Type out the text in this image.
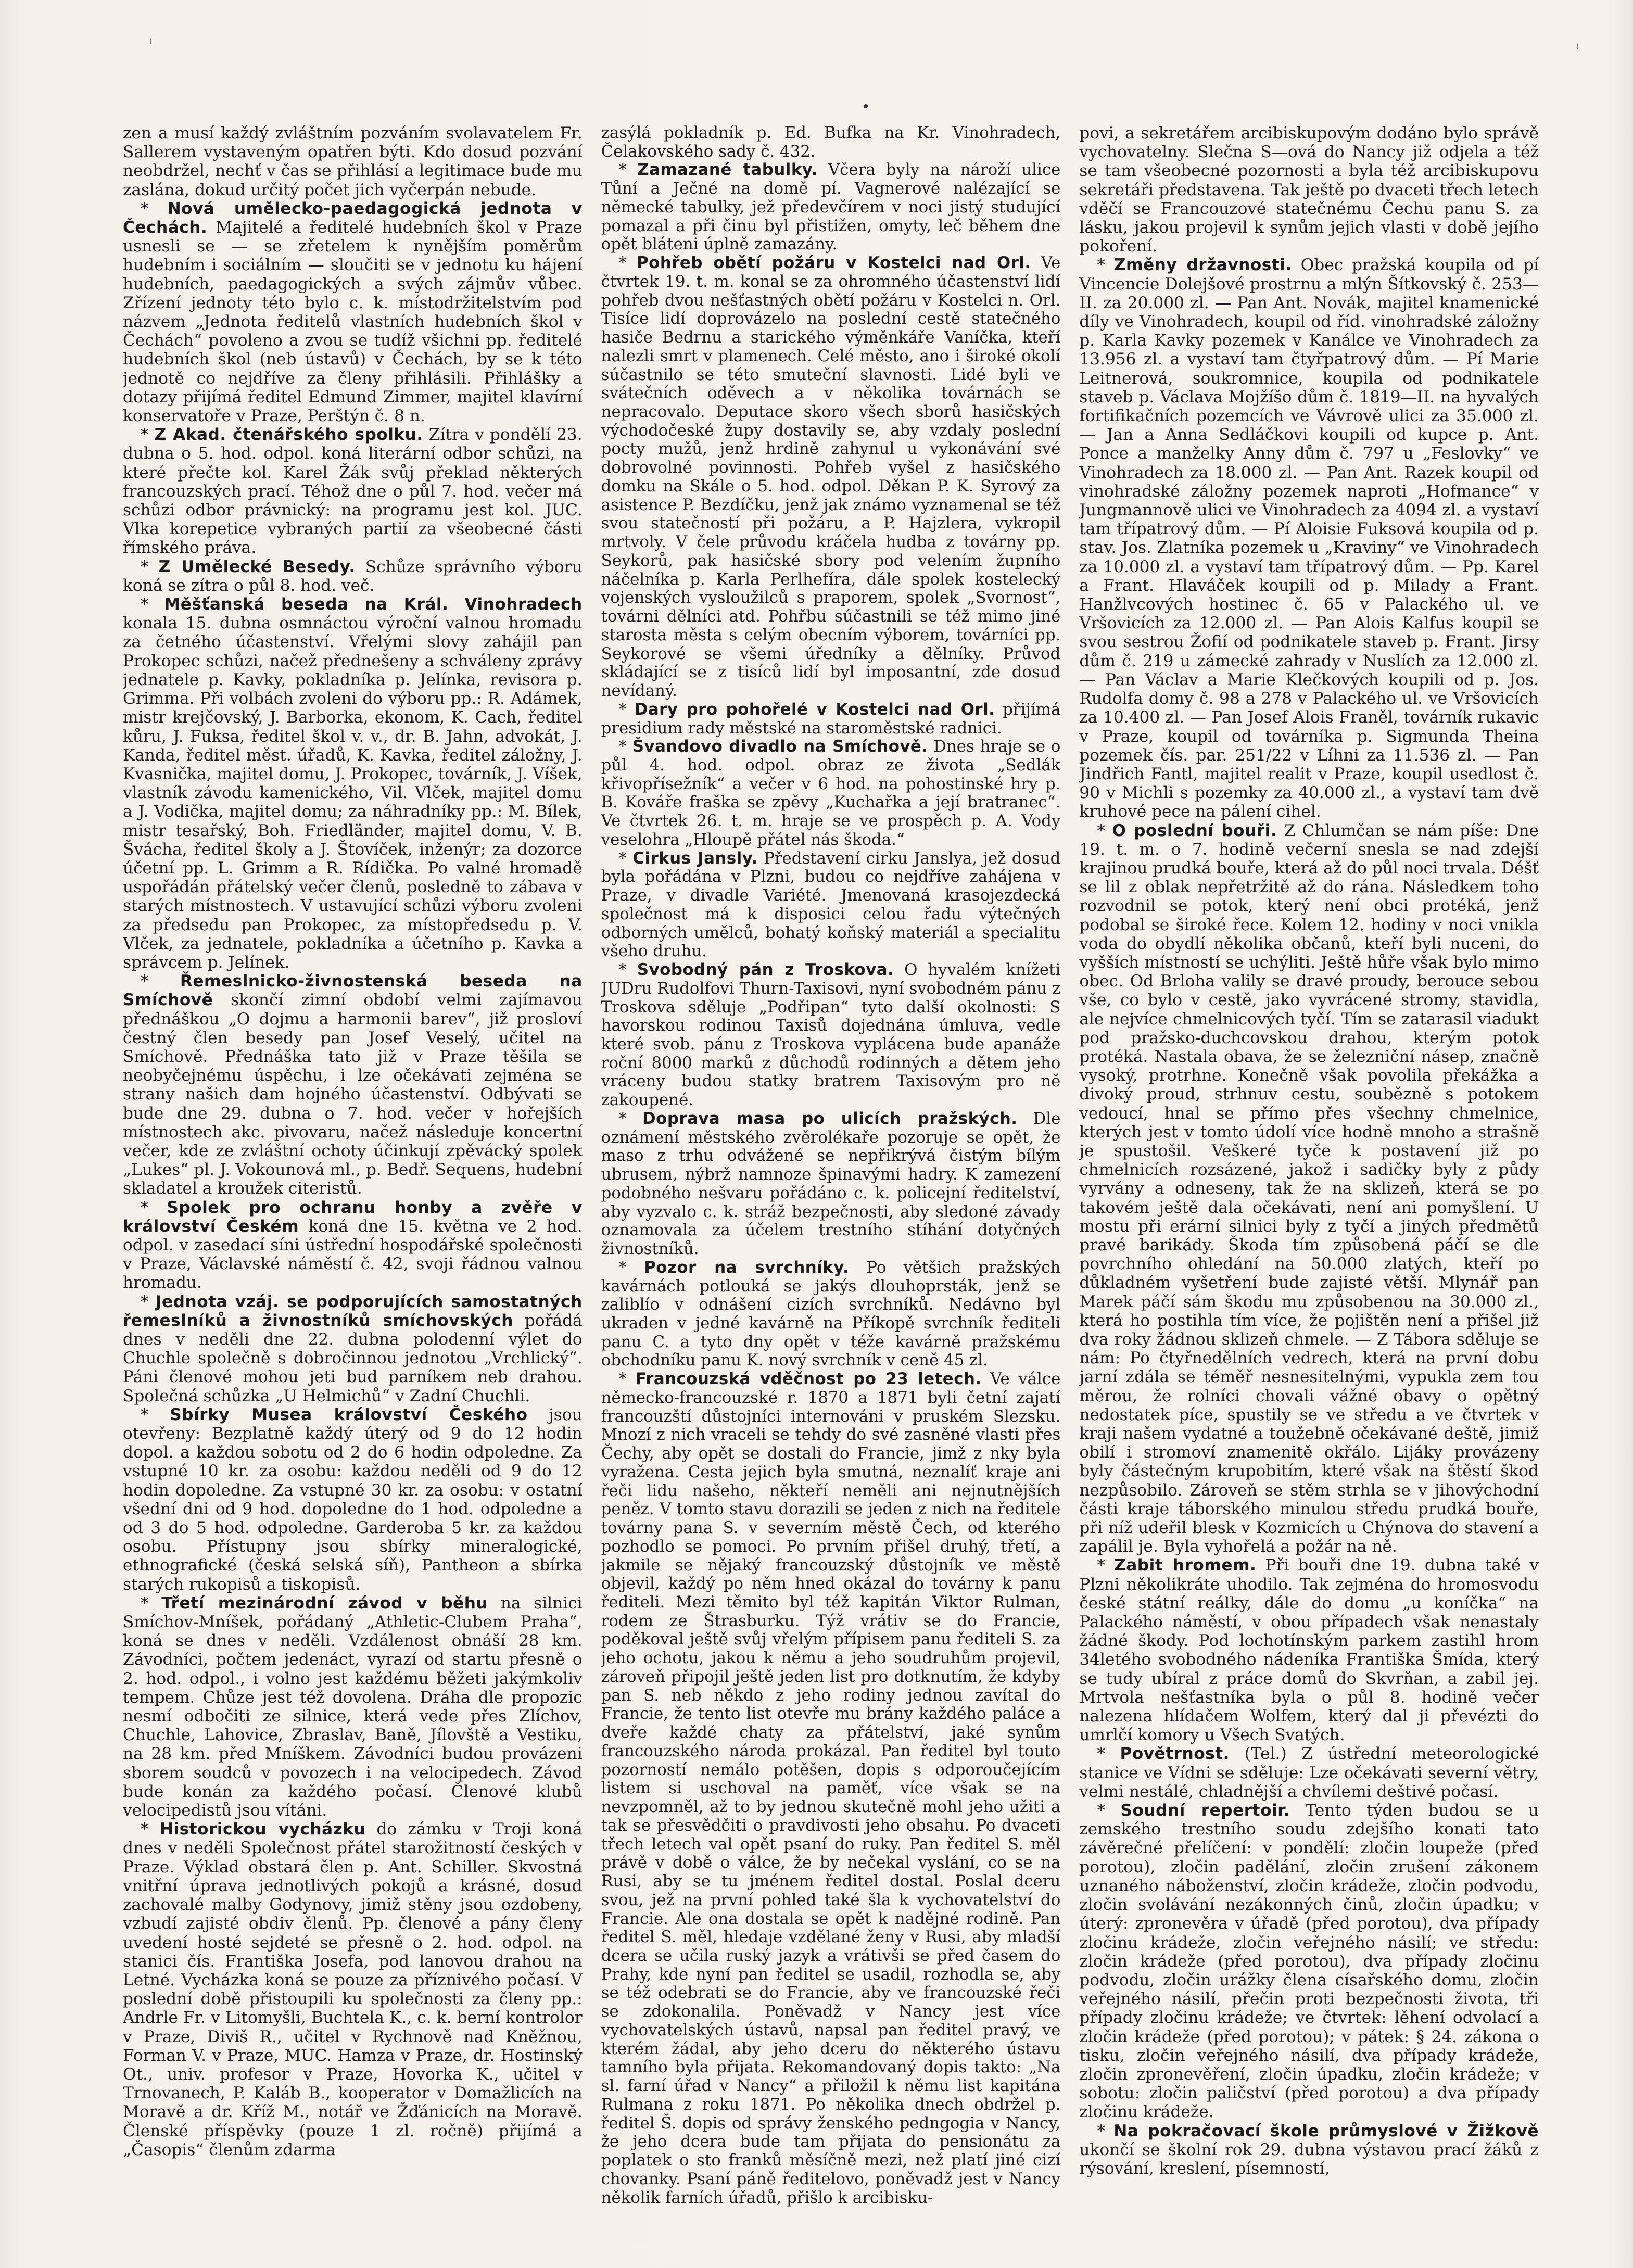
'	'

zen a musí každý zvláštním pozváním svolavatelem Fr. Sallerem vystaveným opatřen býti. Kdo dosud pozvání neobdržel, nechť v čas se přihlásí a legitimace bude mu zaslána, dokud určitý počet jich vyčerpán nebude.

* Nová umělecko-paedagogická jednota v Čechách. Majitelé a ředitelé hudebních škol v Praze usnesli se — se zřetelem k nynějším poměrům hudebním i sociálním — sloučiti se v jednotu ku hájení hudebních, paedagogických a svých zájmův vůbec. Zřízení jednoty této bylo c. k. místodržitelstvím pod názvem „Jednota ředitelů vlastních hudebních škol v Čechách“ povoleno a zvou se tudíž všichni pp. ředitelé hudebních škol (neb ústavů) v Čechách, by se k této jednotě co nejdříve za členy přihlásili. Přihlášky a dotazy přijímá ředitel Edmund Zimmer, majitel klavírní konservatoře v Praze, Perštýn č. 8 n.

* Z Akad. čtenářského spolku. Zítra v pondělí 23. dubna o 5. hod. odpol. koná literární odbor schůzi, na které přečte kol. Karel Žák svůj překlad některých francouzských prací. Téhož dne o půl 7. hod. večer má schůzi odbor právnický: na programu jest kol. JUC. Vlka korepetice vybraných partií za všeobecné části římského práva.

* Z Umělecké Besedy. Schůze správního výboru koná se zítra o půl 8. hod. več.

* Měšťanská beseda na Král. Vinohradech konala 15. dubna osmnáctou výroční valnou hromadu za četného účastenství. Vřelými slovy zahájil pan Prokopec schůzi, načež přednešeny a schváleny zprávy jednatele p. Kavky, pokladníka p. Jelínka, revisora p. Grimma. Při volbách zvoleni do výboru pp.: R. Adámek, mistr krejčovský, J. Barborka, ekonom, K. Cach, ředitel kůru, J. Fuksa, ředitel škol v. v., dr. B. Jahn, advokát, J. Kanda, ředitel měst. úřadů, K. Kavka, ředitel záložny, J. Kvasnička, majitel domu, J. Prokopec, továrník, J. Víšek, vlastník závodu kamenického, Vil. Vlček, majitel domu a J. Vodička, majitel domu; za náhradníky pp.: M. Bílek, mistr tesařský, Boh. Friedländer, majitel domu, V. B. Švácha, ředitel školy a J. Štovíček, inženýr; za dozorce účetní pp. L. Grimm a R. Rídička. Po valné hromadě uspořádán přátelský večer členů, posledně to zábava v starých místnostech. V ustavující schůzi výboru zvoleni za předsedu pan Prokopec, za místopředsedu p. V. Vlček, za jednatele, pokladníka a účetního p. Kavka a správcem p. Jelínek.

* Řemeslnicko-živnostenská beseda na Smíchově skončí zimní období velmi zajímavou přednáškou „O dojmu a harmonii barev“, již prosloví čestný člen besedy pan Josef Veselý, učitel na Smíchově. Přednáška tato již v Praze těšila se neobyčejnému úspěchu, i lze očekávati zejména se strany našich dam hojného účastenství. Odbývati se bude dne 29. dubna o 7. hod. večer v hořejších místnostech akc. pivovaru, načež následuje koncertní večer, kde ze zvláštní ochoty účinkují zpěvácký spolek „Lukes“ pl. J. Vokounová ml., p. Bedř. Sequens, hudební skladatel a kroužek citeristů.

* Spolek pro ochranu honby a zvěře v království Českém koná dne 15. května ve 2 hod. odpol. v zasedací síni ústřední hospodářské společnosti v Praze, Václavské náměstí č. 42, svoji řádnou valnou hromadu.

* Jednota vzáj. se podporujících samostatných řemeslníků a živnostníků smíchovských pořádá dnes v neděli dne 22. dubna polodenní výlet do Chuchle společně s dobročinnou jednotou „Vrchlický“. Páni členové mohou jeti bud parníkem neb drahou. Společná schůzka „U Helmichů“ v Zadní Chuchli.

* Sbírky Musea království Českého jsou otevřeny: Bezplatně každý úterý od 9 do 12 hodin dopol. a každou sobotu od 2 do 6 hodin odpoledne. Za vstupné 10 kr. za osobu: každou neděli od 9 do 12 hodin dopoledne. Za vstupné 30 kr. za osobu: v ostatní všední dni od 9 hod. dopoledne do 1 hod. odpoledne a od 3 do 5 hod. odpoledne. Garderoba 5 kr. za každou osobu. Přístupny jsou sbírky mineralogické, ethnografické (česká selská síň), Pantheon a sbírka starých rukopisů a tiskopisů.

* Třetí mezinárodní závod v běhu na silnici Smíchov-Mníšek, pořádaný „Athletic-Clubem Praha“, koná se dnes v neděli. Vzdálenost obnáší 28 km. Závodníci, počtem jedenáct, vyrazí od startu přesně o 2. hod. odpol., i volno jest každému běžeti jakýmkoliv tempem. Chůze jest též dovolena. Dráha dle propozic nesmí odbočiti ze silnice, která vede přes Zlíchov, Chuchle, Lahovice, Zbraslav, Baně, Jílovště a Vestiku, na 28 km. před Mníškem. Závodníci budou provázeni sborem soudců v povozech i na velocipedech. Závod bude konán za každého počasí. Členové klubů velocipedistů jsou vítáni.

* Historickou vycházku do zámku v Troji koná dnes v neděli Společnost přátel starožitností českých v Praze. Výklad obstará člen p. Ant. Schiller. Skvostná vnitřní úprava jednotlivých pokojů a krásné, dosud zachovalé malby Godynovy, jimiž stěny jsou ozdobeny, vzbudí zajisté obdiv členů. Pp. členové a pány členy uvedení hosté sejdeté se přesně o 2. hod. odpol. na stanici čís. Františka Josefa, pod lanovou drahou na Letné. Vycházka koná se pouze za příznivého počasí. V poslední době přistoupili ku společnosti za členy pp.: Andrle Fr. v Litomyšli, Buchtela K., c. k. berní kontrolor v Praze, Diviš R., učitel v Rychnově nad Kněžnou, Forman V. v Praze, MUC. Hamza v Praze, dr. Hostinský Ot., univ. profesor v Praze, Hovorka K., učitel v Trnovanech, P. Kaláb B., kooperator v Domažlicích na Moravě a dr. Kříž M., notář ve Žďánicích na Moravě. Členské příspěvky (pouze 1 zl. ročně) přijímá a „Časopis“ členům zdarma

zasýlá pokladník p. Ed. Bufka na Kr. Vinohradech, Čelakovského sady č. 432.

* Zamazané tabulky. Včera byly na nároží ulice Tůní a Ječné na domě pí. Vagnerové nalézající se německé tabulky, jež předevčírem v noci jistý studující pomazal a při činu byl přistižen, omyty, leč během dne opět bláteni úplně zamazány.

* Pohřeb obětí požáru v Kostelci nad Orl. Ve čtvrtek 19. t. m. konal se za ohromného účastenství lidí pohřeb dvou nešťastných obětí požáru v Kostelci n. Orl. Tisíce lidí doprovázelo na poslední cestě statečného hasiče Bedrnu a starického výměnkáře Vaníčka, kteří nalezli smrt v plamenech. Celé město, ano i široké okolí súčastnilo se této smuteční slavnosti. Lidé byli ve svátečních oděvech a v několika továrnách se nepracovalo. Deputace skoro všech sborů hasičských východočeské župy dostavily se, aby vzdaly poslední pocty mužů, jenž hrdině zahynul u vykonávání své dobrovolné povinnosti. Pohřeb vyšel z hasičského domku na Skále o 5. hod. odpol. Děkan P. K. Syrový za asistence P. Bezdíčku, jenž jak známo vyznamenal se též svou statečností při požáru, a P. Hajzlera, vykropil mrtvoly. V čele průvodu kráčela hudba z továrny pp. Seykorů, pak hasičské sbory pod velením župního náčelníka p. Karla Perlhefíra, dále spolek kostelecký vojenských vysloužilců s praporem, spolek „Svornost“, továrni dělníci atd. Pohřbu súčastnili se též mimo jiné starosta města s celým obecním výborem, továrníci pp. Seykorové se všemi úředníky a dělníky. Průvod skládající se z tisíců lidí byl imposantní, zde dosud nevídaný.

* Dary pro pohořelé v Kostelci nad Orl. přijímá presidium rady městské na staroměstské radnici.

* Švandovo divadlo na Smíchově. Dnes hraje se o půl 4. hod. odpol. obraz ze života „Sedlák křivopřísežník“ a večer v 6 hod. na pohostinské hry p. B. Kováře fraška se zpěvy „Kuchařka a její bratranec“. Ve čtvrtek 26. t. m. hraje se ve prospěch p. A. Vody veselohra „Hloupě přátel nás škoda.“

* Cirkus Jansly. Představení cirku Janslya, jež dosud byla pořádána v Plzni, budou co nejdříve zahájena v Praze, v divadle Variété. Jmenovaná krasojezdecká společnost má k disposici celou řadu výtečných odborných umělců, bohatý koňský materiál a specialitu všeho druhu.

* Svobodný pán z Troskova. O hyvalém knížeti JUDru Rudolfovi Thurn-Taxisovi, nyní svobodném pánu z Troskova sděluje „Podřipan“ tyto další okolnosti: S havorskou rodinou Taxisů dojednána úmluva, vedle které svob. pánu z Troskova vyplácena bude apanáže roční 8000 marků z důchodů rodinných a dětem jeho vráceny budou statky bratrem Taxisovým pro ně zakoupené.

* Doprava masa po ulicích pražských. Dle oznámení městského zvěrolékaře pozoruje se opět, že maso z trhu odvážené se nepřikrývá čistým bílým ubrusem, nýbrž namnoze špinavými hadry. K zamezení podobného nešvaru pořádáno c. k. policejní ředitelství, aby vyzvalo c. k. stráž bezpečnosti, aby sledoné závady oznamovala za účelem trestního stíhání dotyčných živnostníků.

* Pozor na svrchníky. Po většich pražských kavárnách potlouká se jakýs dlouhoprsták, jenž se zaliblío v odnášení cizích svrchníků. Nedávno byl ukraden v jedné kavárně na Příkopě svrchník řediteli panu C. a tyto dny opět v téže kavárně pražskému obchodníku panu K. nový svrchník v ceně 45 zl.

* Francouzská vděčnost po 23 letech. Ve válce německo-francouzské r. 1870 a 1871 byli četní zajatí francouzští důstojníci internováni v pruském Slezsku. Mnozí z nich vraceli se tehdy do své zasněné vlasti přes Čechy, aby opět se dostali do Francie, jimž z nky byla vyražena. Cesta jejich byla smutná, neznalíť kraje ani řeči lidu našeho, někteří neměli ani nejnutnějších peněz. V tomto stavu dorazili se jeden z nich na ředitele továrny pana S. v severním městě Čech, od kterého pozhodlo se pomoci. Po prvním přišel druhý, třetí, a jakmile se nějaký francouzský důstojník ve městě objevil, každý po něm hned okázal do továrny k panu řediteli. Mezi těmito byl též kapitán Viktor Rulman, rodem ze Štrasburku. Týž vrátiv se do Francie, poděkoval ještě svůj vřelým přípisem panu řediteli S. za jeho ochotu, jakou k němu a jeho soudruhům projevil, zároveň připojil ještě jeden list pro dotknutím, že kdyby pan S. neb někdo z jeho rodiny jednou zavítal do Francie, že tento list otevře mu brány každého paláce a dveře každé chaty za přátelství, jaké synům francouzského národa prokázal. Pan ředitel byl touto pozorností nemálo potěšen, dopis s odporoučejícím listem si uschoval na paměť, více však se na nevzpomněl, až to by jednou skutečně mohl jeho užiti a tak se přesvědčiti o pravdivosti jeho obsahu. Po dvaceti třech letech val opět psaní do ruky. Pan ředitel S. měl právě v době o válce, že by nečekal vyslání, co se na Rusi, aby se tu jménem ředitel dostal. Poslal dceru svou, jež na první pohled také šla k vychovatelství do Francie. Ale ona dostala se opět k nadějné rodině. Pan ředitel S. měl, hledaje vzdělané ženy v Rusi, aby mladší dcera se učila ruský jazyk a vrátivši se před časem do Prahy, kde nyní pan ředitel se usadil, rozhodla se, aby se též odebrati se do Francie, aby ve francouzské řeči se zdokonalila. Poněvadž v Nancy jest více vychovatelských ústavů, napsal pan ředitel pravý, ve kterém žádal, aby jeho dceru do některého ústavu tamního byla přijata. Rekomandovaný dopis takto: „Na sl. farní úřad v Nancy“ a přiložil k němu list kapitána Rulmana z roku 1871. Po několika dnech obdržel p. ředitel Š. dopis od správy ženského pedngogia v Nancy, že jeho dcera bude tam přijata do pensionátu za poplatek o sto franků měsíčně mezi, než platí jiné cizí chovanky. Psaní páně ředitelovo, poněvadž jest v Nancy několik farních úřadů, přišlo k arcibisku-

povi, a sekretářem arcibiskupovým dodáno bylo správě vychovatelny. Slečna S—ová do Nancy již odjela a též se tam všeobecné pozornosti a byla též arcibiskupovu sekretáři představena. Tak ještě po dvaceti třech letech vděčí se Francouzové statečnému Čechu panu S. za lásku, jakou projevil k synům jejich vlasti v době jejího pokoření.

* Změny državnosti. Obec pražská koupila od pí Vincencie Dolejšové prostrnu a mlýn Šítkovský č. 253—II. za 20.000 zl. — Pan Ant. Novák, majitel knamenické díly ve Vinohradech, koupil od říd. vinohradské záložny p. Karla Kavky pozemek v Kanálce ve Vinohradech za 13.956 zl. a vystaví tam čtyřpatrový dům. — Pí Marie Leitnerová, soukromnice, koupila od podnikatele staveb p. Václava Mojžíšo dům č. 1819—II. na hyvalých fortifikačních pozemcích ve Vávrově ulici za 35.000 zl. — Jan a Anna Sedláčkovi koupili od kupce p. Ant. Ponce a manželky Anny dům č. 797 u „Feslovky“ ve Vinohradech za 18.000 zl. — Pan Ant. Razek koupil od vinohradské záložny pozemek naproti „Hofmance“ v Jungmannově ulici ve Vinohradech za 4094 zl. a vystaví tam třípatrový dům. — Pí Aloisie Fuksová koupila od p. stav. Jos. Zlatníka pozemek u „Kraviny“ ve Vinohradech za 10.000 zl. a vystaví tam třípatrový dům. — Pp. Karel a Frant. Hlaváček koupili od p. Milady a Frant. Hanžlvcových hostinec č. 65 v Palackého ul. ve Vršovicích za 12.000 zl. — Pan Alois Kalfus koupil se svou sestrou Žofií od podnikatele staveb p. Frant. Jirsy dům č. 219 u zámecké zahrady v Nuslích za 12.000 zl. — Pan Václav a Marie Klečkových koupili od p. Jos. Rudolfa domy č. 98 a 278 v Palackého ul. ve Vršovicích za 10.400 zl. — Pan Josef Alois Franěl, továrník rukavic v Praze, koupil od továrníka p. Sigmunda Theina pozemek čís. par. 251/22 v Líhni za 11.536 zl. — Pan Jindřich Fantl, majitel realit v Praze, koupil usedlost č. 90 v Michli s pozemky za 40.000 zl., a vystaví tam dvě kruhové pece na pálení cihel.

* O poslední bouři. Z Chlumčan se nám píše: Dne 19. t. m. o 7. hodině večerní snesla se nad zdejší krajinou prudká bouře, která až do půl noci trvala. Déšť se lil z oblak nepřetržitě až do rána. Následkem toho rozvodnil se potok, který není obci protéká, jenž podobal se široké řece. Kolem 12. hodiny v noci vnikla voda do obydlí několika občanů, kteří byli nuceni, do vyšších místností se uchýliti. Ještě hůře však bylo mimo obec. Od Brloha valily se dravé proudy, berouce sebou vše, co bylo v cestě, jako vyvrácené stromy, stavidla, ale nejvíce chmelnicových tyčí. Tím se zatarasil viadukt pod pražsko-duchcovskou drahou, kterým potok protéká. Nastala obava, že se železniční násep, značně vysoký, protrhne. Konečně však povolila překážka a divoký proud, strhnuv cestu, soubězně s potokem vedoucí, hnal se přímo přes všechny chmelnice, kterých jest v tomto údolí více hodně mnoho a strašně je spustošil. Veškeré tyče k postavení již po chmelnicích rozsázené, jakož i sadičky byly z půdy vyrvány a odneseny, tak že na sklizeň, která se po takovém ještě dala očekávati, není ani pomyšlení. U mostu při erární silnici byly z tyčí a jiných předmětů pravé barikády. Škoda tím způsobená páčí se dle povrchního ohledání na 50.000 zlatých, kteří po důkladném vyšetření bude zajisté větší. Mlynář pan Marek páčí sám škodu mu způsobenou na 30.000 zl., která ho postihla tím více, že pojištěn není a přišel již dva roky žádnou sklizeň chmele. — Z Tábora sděluje se nám: Po čtyřnedělních vedrech, která na první dobu jarní zdála se téměř nesnesitelnými, vypukla zem tou měrou, že rolníci chovali vážné obavy o opětný nedostatek píce, spustily se ve středu a ve čtvrtek v kraji našem vydatné a toužebně očekávané deště, jimiž obilí i stromoví znamenitě okřálo. Lijáky provázeny byly částečným krupobitím, které však na štěstí škod nezpůsobilo. Zároveň se stěm strhla se v jihovýchodní části kraje táborského minulou středu prudká bouře, při níž udeřil blesk v Kozmicích u Chýnova do stavení a zapálil je. Byla vyhořelá a požár na ně.

* Zabit hromem. Při bouři dne 19. dubna také v Plzni několikráte uhodilo. Tak zejména do hromosvodu české státní reálky, dále do domu „u koníčka“ na Palackého náměstí, v obou případech však nenastaly žádné škody. Pod lochotínským parkem zastihl hrom 34letého svobodného nádeníka Františka Šmída, který se tudy ubíral z práce domů do Skvrňan, a zabil jej. Mrtvola nešťastníka byla o půl 8. hodině večer nalezena hlídačem Wolfem, který dal ji převézti do umrlčí komory u Všech Svatých.

* Povětrnost. (Tel.) Z ústřední meteorologické stanice ve Vídni se sděluje: Lze očekávati severní větry, velmi nestálé, chladnější a chvílemi deštivé počasí.

* Soudní repertoir. Tento týden budou se u zemského trestního soudu zdejšího konati tato závěrečné přelíčení: v pondělí: zločin loupeže (před porotou), zločin padělání, zločin zrušení zákonem uznaného náboženství, zločin krádeže, zločin podvodu, zločin svolávání nezákonných činů, zločin úpadku; v úterý: zpronevěra v úřadě (před porotou), dva případy zločinu krádeže, zločin veřejného násilí; ve středu: zločin krádeže (před porotou), dva případy zločinu podvodu, zločin urážky člena císařského domu, zločin veřejného násilí, přečin proti bezpečnosti života, tři případy zločinu krádeže; ve čtvrtek: lěhení odvolací a zločin krádeže (před porotou); v pátek: § 24. zákona o tisku, zločin veřejného násilí, dva případy krádeže, zločin zpronevěření, zločin úpadku, zločin krádeže; v sobotu: zločin paličství (před porotou) a dva případy zločinu krádeže.

* Na pokračovací škole průmyslové v Žižkově ukončí se školní rok 29. dubna výstavou prací žáků z rýsování, kreslení, písemností,
